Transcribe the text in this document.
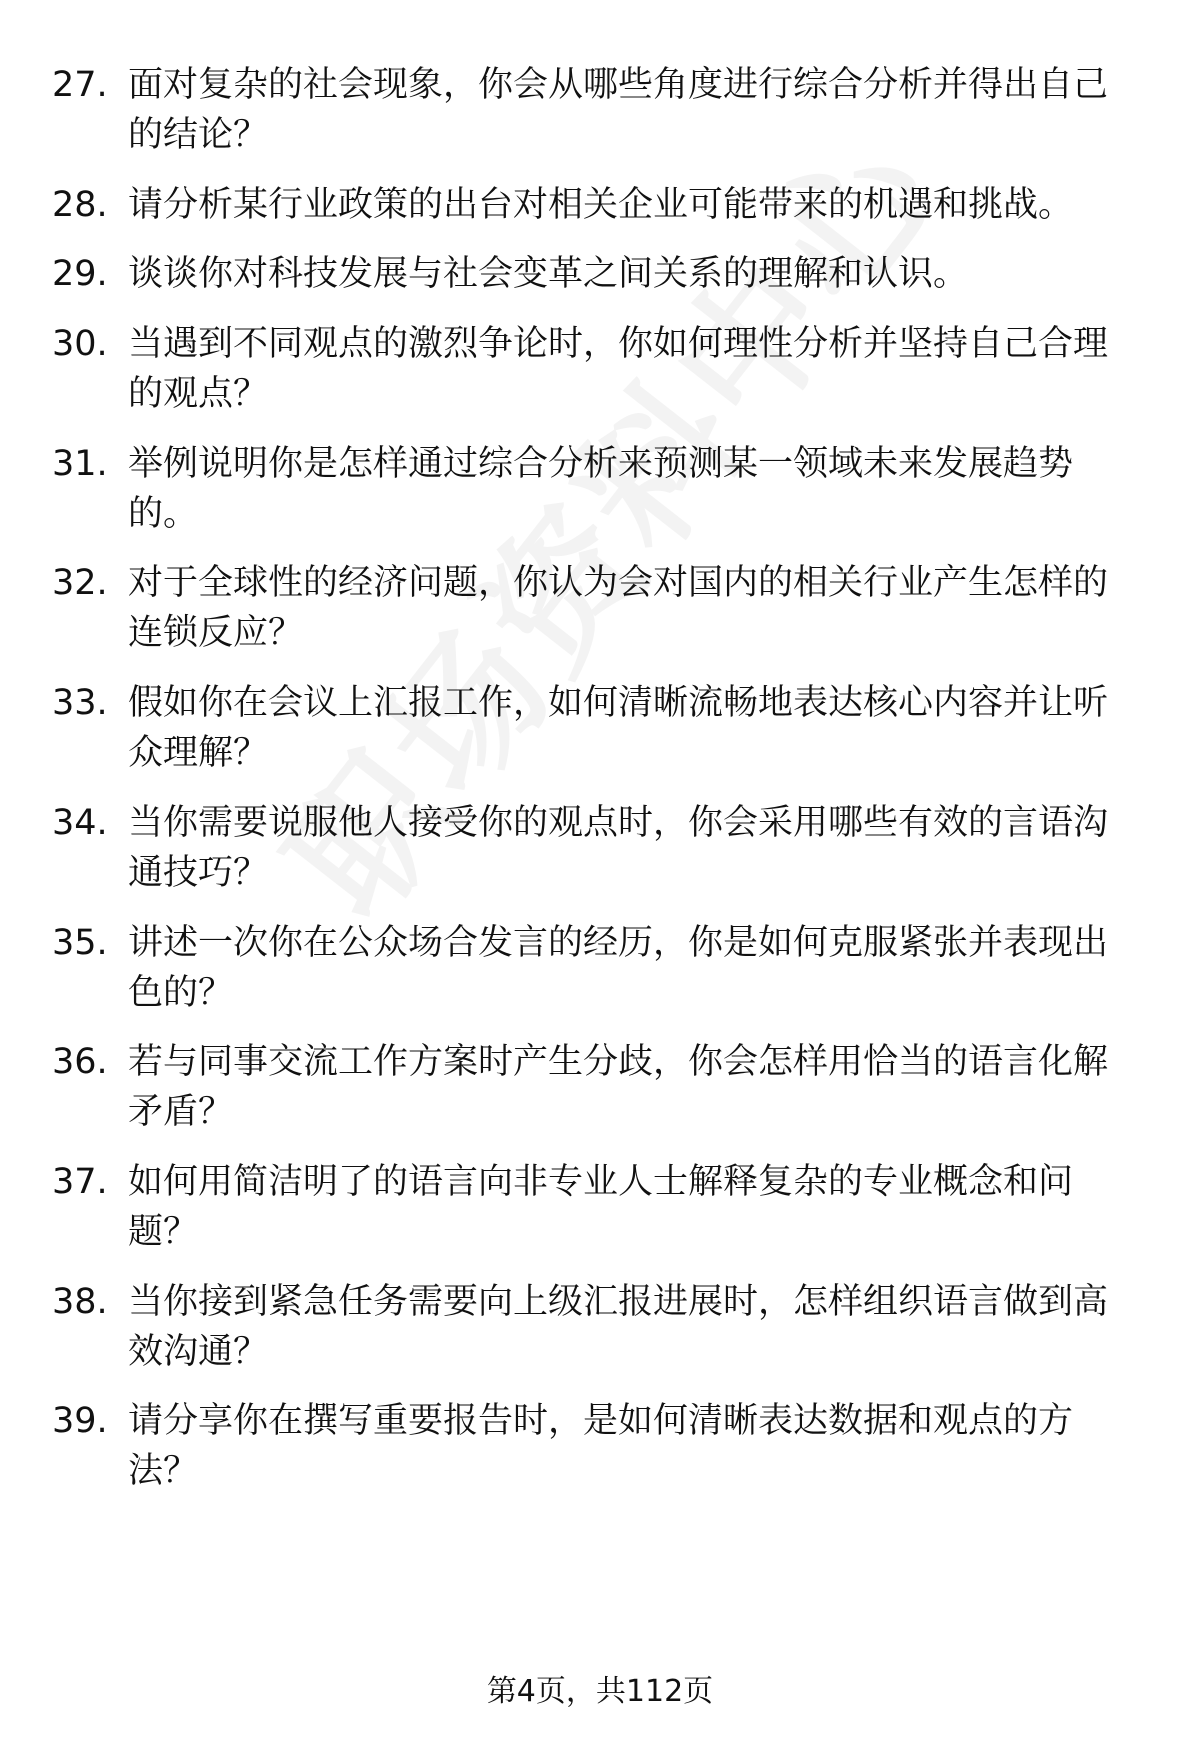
27. 面对复杂的社会现象，你会从哪些角度进行综合分析并得出自己的结论？
28. 请分析某行业政策的出台对相关企业可能带来的机遇和挑战。
29. 谈谈你对科技发展与社会变革之间关系的理解和认识。
30. 当遇到不同观点的激烈争论时，你如何理性分析并坚持自己合理的观点？
31. 举例说明你是怎样通过综合分析来预测某一领域未来发展趋势的。
32. 对于全球性的经济问题，你认为会对国内的相关行业产生怎样的连锁反应？
33. 假如你在会议上汇报工作，如何清晰流畅地表达核心内容并让听众理解？
34. 当你需要说服他人接受你的观点时，你会采用哪些有效的言语沟通技巧？
35. 讲述一次你在公众场合发言的经历，你是如何克服紧张并表现出色的？
36. 若与同事交流工作方案时产生分歧，你会怎样用恰当的语言化解矛盾？
37. 如何用简洁明了的语言向非专业人士解释复杂的专业概念和问题？
38. 当你接到紧急任务需要向上级汇报进展时，怎样组织语言做到高效沟通？
39. 请分享你在撰写重要报告时，是如何清晰表达数据和观点的方法？
第4页，共112页
